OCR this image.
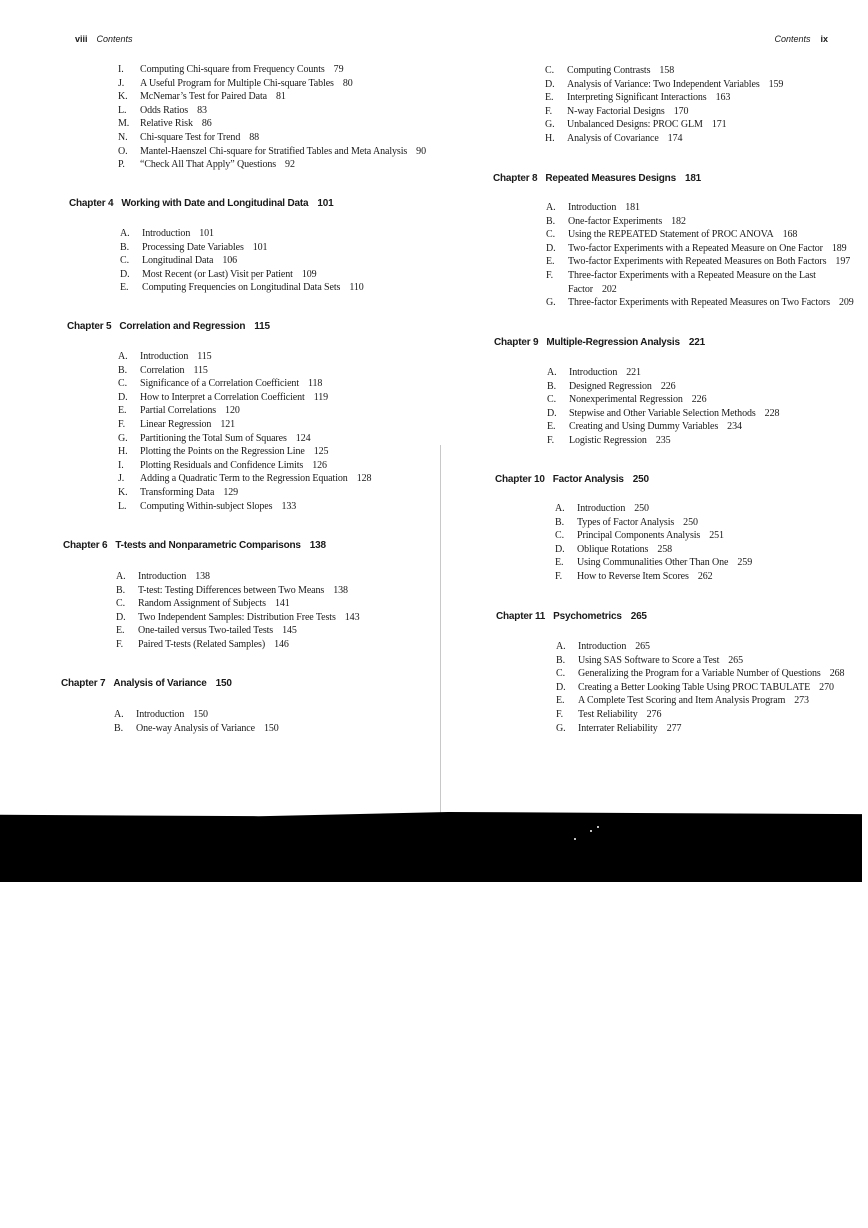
viii Contents	Contents ix
I.	Computing Chi-square from Frequency Counts 79
J.	A Useful Program for Multiple Chi-square Tables 80
K.	McNemar’s Test for Paired Data 81
L.	Odds Ratios 83
M.	Relative Risk 86
N.	Chi-square Test for Trend 88
O.	Mantel-Haenszel Chi-square for Stratified Tables and Meta Analysis 90
P.	“Check All That Apply” Questions 92
Chapter 4 Working with Date and Longitudinal Data 101
A.	Introduction 101
B.	Processing Date Variables 101
C.	Longitudinal Data 106
D.	Most Recent (or Last) Visit per Patient 109
E.	Computing Frequencies on Longitudinal Data Sets 110
Chapter 5 Correlation and Regression 115
A.	Introduction 115
B.	Correlation 115
C.	Significance of a Correlation Coefficient 118
D.	How to Interpret a Correlation Coefficient 119
E.	Partial Correlations 120
F.	Linear Regression 121
G.	Partitioning the Total Sum of Squares 124
H.	Plotting the Points on the Regression Line 125
I.	Plotting Residuals and Confidence Limits 126
J.	Adding a Quadratic Term to the Regression Equation 128
K.	Transforming Data 129
L.	Computing Within-subject Slopes 133
Chapter 6 T-tests and Nonparametric Comparisons 138
A.	Introduction 138
B.	T-test: Testing Differences between Two Means 138
C.	Random Assignment of Subjects 141
D.	Two Independent Samples: Distribution Free Tests 143
E.	One-tailed versus Two-tailed Tests 145
F.	Paired T-tests (Related Samples) 146
Chapter 7 Analysis of Variance 150
A.	Introduction 150
B.	One-way Analysis of Variance 150
C.	Computing Contrasts 158
D.	Analysis of Variance: Two Independent Variables 159
E.	Interpreting Significant Interactions 163
F.	N-way Factorial Designs 170
G.	Unbalanced Designs: PROC GLM 171
H.	Analysis of Covariance 174
Chapter 8 Repeated Measures Designs 181
A.	Introduction 181
B.	One-factor Experiments 182
C.	Using the REPEATED Statement of PROC ANOVA 168
D.	Two-factor Experiments with a Repeated Measure on One Factor 189
E.	Two-factor Experiments with Repeated Measures on Both Factors 197
F.	Three-factor Experiments with a Repeated Measure on the Last
Factor 202
G.	Three-factor Experiments with Repeated Measures on Two Factors 209
Chapter 9 Multiple-Regression Analysis 221
A.	Introduction 221
B.	Designed Regression 226
C.	Nonexperimental Regression 226
D.	Stepwise and Other Variable Selection Methods 228
E.	Creating and Using Dummy Variables 234
F.	Logistic Regression 235
Chapter 10 Factor Analysis 250
A.	Introduction 250
B.	Types of Factor Analysis 250
C.	Principal Components Analysis 251
D.	Oblique Rotations 258
E.	Using Communalities Other Than One 259
F.	How to Reverse Item Scores 262
Chapter 11 Psychometrics 265
A.	Introduction 265
B.	Using SAS Software to Score a Test 265
C.	Generalizing the Program for a Variable Number of Questions 268
D.	Creating a Better Looking Table Using PROC TABULATE 270
E.	A Complete Test Scoring and Item Analysis Program 273
F.	Test Reliability 276
G.	Interrater Reliability 277
